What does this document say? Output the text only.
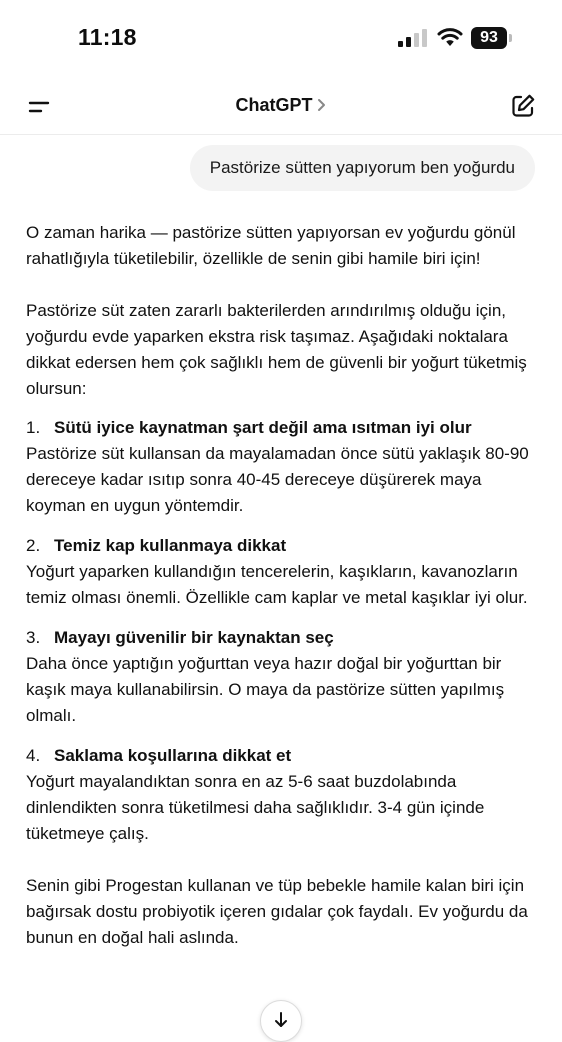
11:18	93
ChatGPT
Pastörize sütten yapıyorum ben yoğurdu

O zaman harika — pastörize sütten yapıyorsan ev yoğurdu gönül rahatlığıyla tüketilebilir, özellikle de senin gibi hamile biri için!

Pastörize süt zaten zararlı bakterilerden arındırılmış olduğu için, yoğurdu evde yaparken ekstra risk taşımaz. Aşağıdaki noktalara dikkat edersen hem çok sağlıklı hem de güvenli bir yoğurt tüketmiş olursun:

1. Sütü iyice kaynatman şart değil ama ısıtman iyi olur
Pastörize süt kullansan da mayalamadan önce sütü yaklaşık 80-90 dereceye kadar ısıtıp sonra 40-45 dereceye düşürerek maya koyman en uygun yöntemdir.
2. Temiz kap kullanmaya dikkat
Yoğurt yaparken kullandığın tencerelerin, kaşıkların, kavanozların temiz olması önemli. Özellikle cam kaplar ve metal kaşıklar iyi olur.
3. Mayayı güvenilir bir kaynaktan seç
Daha önce yaptığın yoğurttan veya hazır doğal bir yoğurttan bir kaşık maya kullanabilirsin. O maya da pastörize sütten yapılmış olmalı.
4. Saklama koşullarına dikkat et
Yoğurt mayalandıktan sonra en az 5-6 saat buzdolabında dinlendikten sonra tüketilmesi daha sağlıklıdır. 3-4 gün içinde tüketmeye çalış.

Senin gibi Progestan kullanan ve tüp bebekle hamile kalan biri için bağırsak dostu probiyotik içeren gıdalar çok faydalı. Ev yoğurdu da bunun en doğal hali aslında.
